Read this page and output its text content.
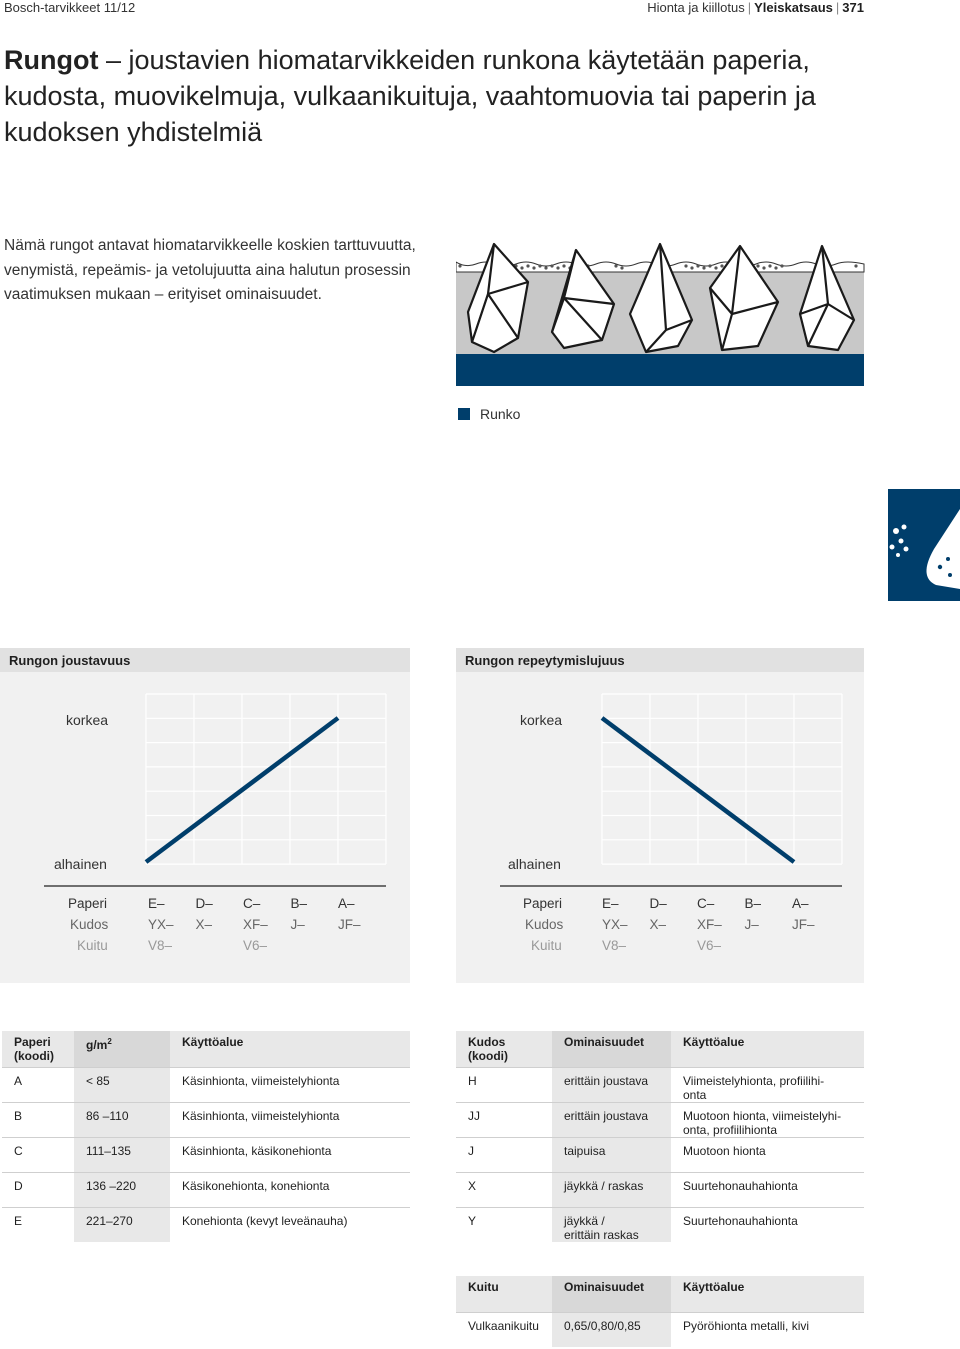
Bosch-tarvikkeet 11/12	Hionta ja kiillotus | Yleiskatsaus | 371
Rungot – joustavien hiomatarvikkeiden runkona käytetään paperia, kudosta, muovikelmuja, vulkaanikuituja, vaahtomuovia tai paperin ja kudoksen yhdistelmiä
Nämä rungot antavat hiomatarvikkeelle koskien tarttuvuutta, venymistä, repeämis- ja vetolujuutta aina halutun prosessin vaatimuksen mukaan – erityiset ominaisuudet.
Runko
Rungon joustavuus
korkea
alhainen
Paperi
Kudos
Kuitu
E– D– C– B– A–
YX– X– XF– J– JF–
V8–	V6–
Rungon repeytymislujuus
korkea
alhainen
Paperi
Kudos
Kuitu
E– D– C– B– A–
YX– X– XF– J– JF–
V8–	V6–
Paperi
(koodi)	$g/m^2$	Käyttöalue
A	< 85	Käsinhionta, viimeistelyhionta
B	86 –110	Käsinhionta, viimeistelyhionta
C	111–135	Käsinhionta, käsikonehionta
D	136 –220	Käsikonehionta, konehionta
E	221–270	Konehionta (kevyt leveänauha)
Kudos
(koodi)	Ominaisuudet	Käyttöalue
H	erittäin joustava	Viimeistelyhionta, profiilihi-
onta
JJ	erittäin joustava	Muotoon hionta, viimeistelyhi-
onta, profiilihionta
J	taipuisa	Muotoon hionta
X	jäykkä / raskas	Suurtehonauhahionta
Y	jäykkä /
erittäin raskas	Suurtehonauhahionta
Kuitu	Ominaisuudet	Käyttöalue
Vulkaanikuitu	0,65/0,80/0,85	Pyöröhionta metalli, kivi
